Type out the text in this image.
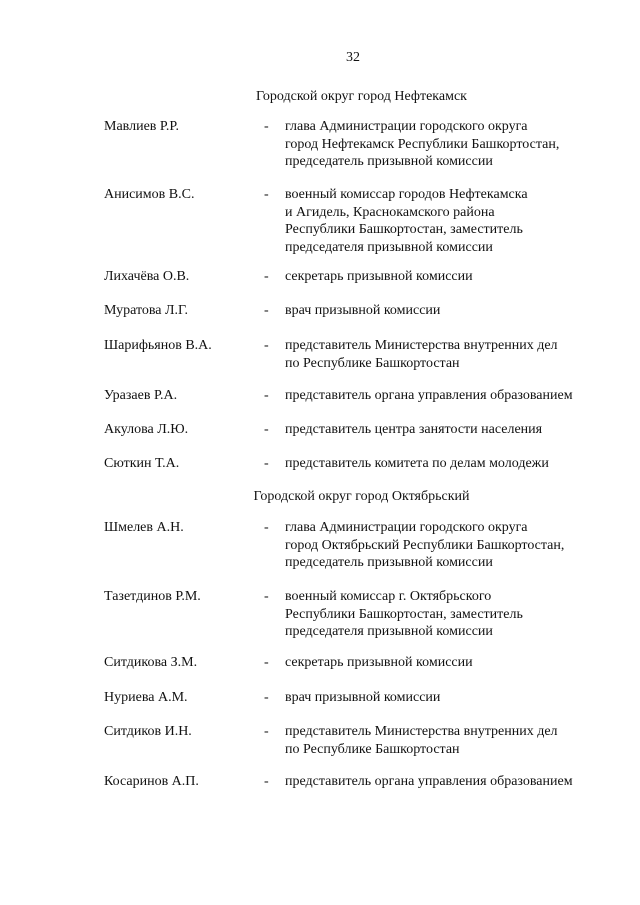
32
Городской округ город Нефтекамск
Мавлиев Р.Р.	- глава Администрации городского округа
город Нефтекамск Республики Башкортостан,
председатель призывной комиссии
Анисимов В.С.	- военный комиссар городов Нефтекамска
и Агидель, Краснокамского района
Республики Башкортостан, заместитель
председателя призывной комиссии
Лихачёва О.В.	- секретарь призывной комиссии
Муратова Л.Г.	- врач призывной комиссии
Шарифьянов В.А.	- представитель Министерства внутренних дел
по Республике Башкортостан
Уразаев Р.А.	- представитель органа управления образованием
Акулова Л.Ю.	- представитель центра занятости населения
Сюткин Т.А.	- представитель комитета по делам молодежи
Городской округ город Октябрьский
Шмелев А.Н.	- глава Администрации городского округа
город Октябрьский Республики Башкортостан,
председатель призывной комиссии
Тазетдинов Р.М.	- военный комиссар г. Октябрьского
Республики Башкортостан, заместитель
председателя призывной комиссии
Ситдикова З.М.	- секретарь призывной комиссии
Нуриева А.М.	- врач призывной комиссии
Ситдиков И.Н.	- представитель Министерства внутренних дел
по Республике Башкортостан
Косаринов А.П.	- представитель органа управления образованием
